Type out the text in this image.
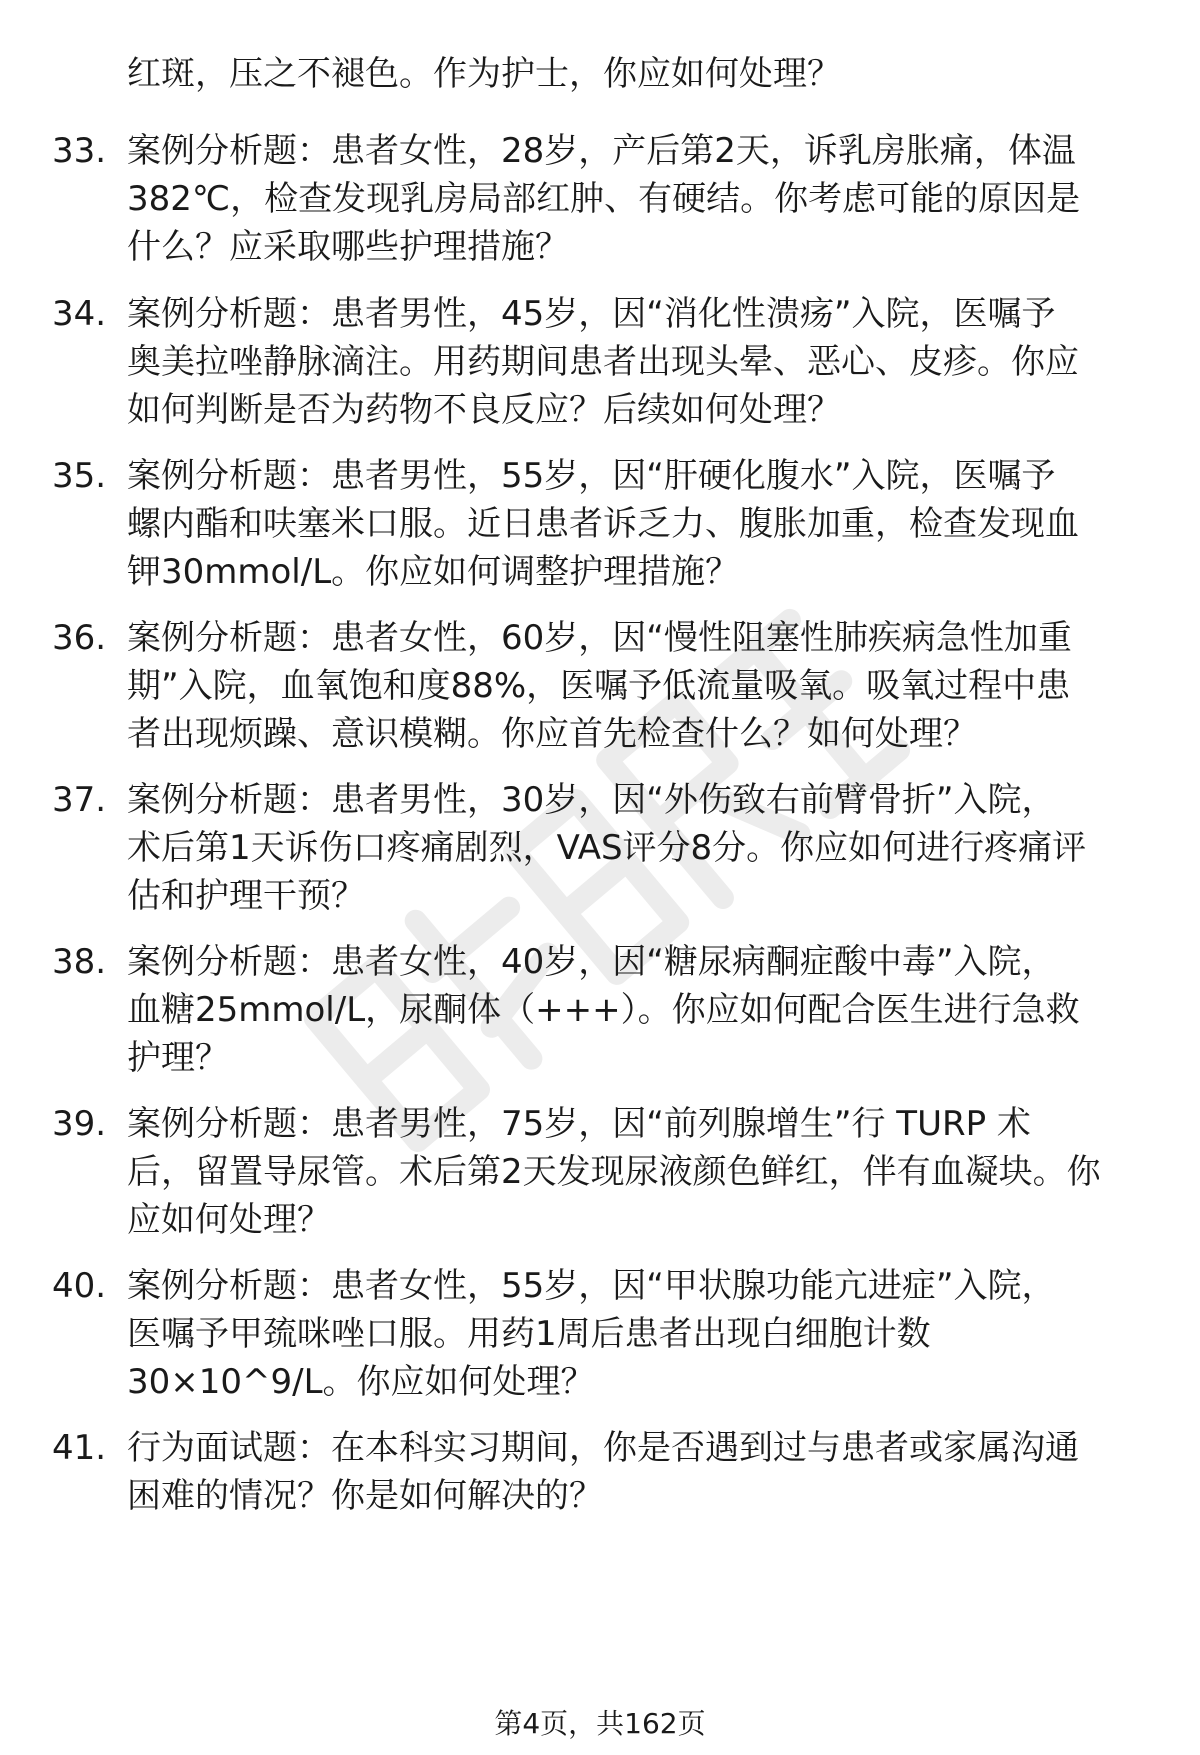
红斑，压之不褪色。作为护士，你应如何处理？
33. 案例分析题：患者女性，28岁，产后第2天，诉乳房胀痛，体温
382℃，检查发现乳房局部红肿、有硬结。你考虑可能的原因是
什么？应采取哪些护理措施？
34. 案例分析题：患者男性，45岁，因“消化性溃疡”入院，医嘱予
奥美拉唑静脉滴注。用药期间患者出现头晕、恶心、皮疹。你应
如何判断是否为药物不良反应？后续如何处理？
35. 案例分析题：患者男性，55岁，因“肝硬化腹水”入院，医嘱予
螺内酯和呋塞米口服。近日患者诉乏力、腹胀加重，检查发现血
钾30mmol/L。你应如何调整护理措施？
36. 案例分析题：患者女性，60岁，因“慢性阻塞性肺疾病急性加重
期”入院，血氧饱和度88%，医嘱予低流量吸氧。吸氧过程中患
者出现烦躁、意识模糊。你应首先检查什么？如何处理？
37. 案例分析题：患者男性，30岁，因“外伤致右前臂骨折”入院，
术后第1天诉伤口疼痛剧烈，VAS评分8分。你应如何进行疼痛评
估和护理干预？
38. 案例分析题：患者女性，40岁，因“糖尿病酮症酸中毒”入院，
血糖25mmol/L，尿酮体（+++）。你应如何配合医生进行急救
护理？
39. 案例分析题：患者男性，75岁，因“前列腺增生”行 TURP 术
后，留置导尿管。术后第2天发现尿液颜色鲜红，伴有血凝块。你
应如何处理？
40. 案例分析题：患者女性，55岁，因“甲状腺功能亢进症”入院，
医嘱予甲巯咪唑口服。用药1周后患者出现白细胞计数
30×10^9/L。你应如何处理？
41. 行为面试题：在本科实习期间，你是否遇到过与患者或家属沟通
困难的情况？你是如何解决的？
第4页，共162页
